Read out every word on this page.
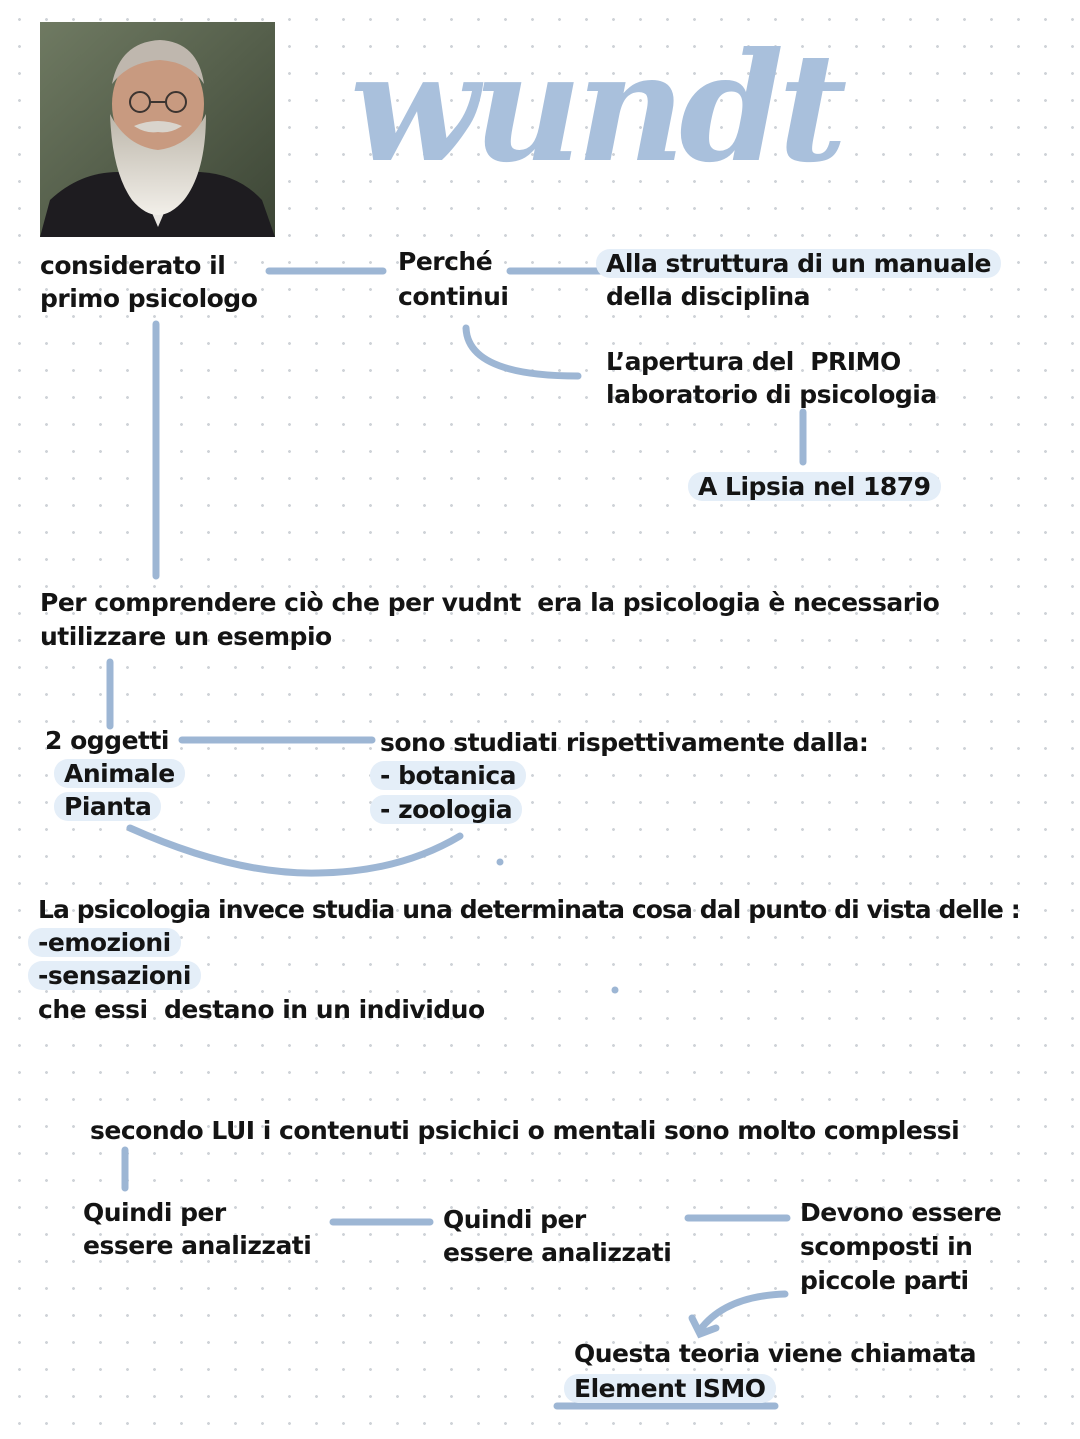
wundt

considerato il

primo psicologo

Perché

continui

Alla struttura di un manuale

della disciplina

L’apertura del  PRIMO

laboratorio di psicologia

A Lipsia nel 1879

Per comprendere ciò che per vudnt  era la psicologia è necessario

utilizzare un esempio

2 oggetti

Animale

Pianta

sono studiati rispettivamente dalla:

- botanica

- zoologia

La psicologia invece studia una determinata cosa dal punto di vista delle :

-emozioni

-sensazioni

che essi  destano in un individuo

secondo LUI i contenuti psichici o mentali sono molto complessi

Quindi per

essere analizzati

Quindi per

essere analizzati

Devono essere

scomposti in

piccole parti

Questa teoria viene chiamata

Element ISMO
